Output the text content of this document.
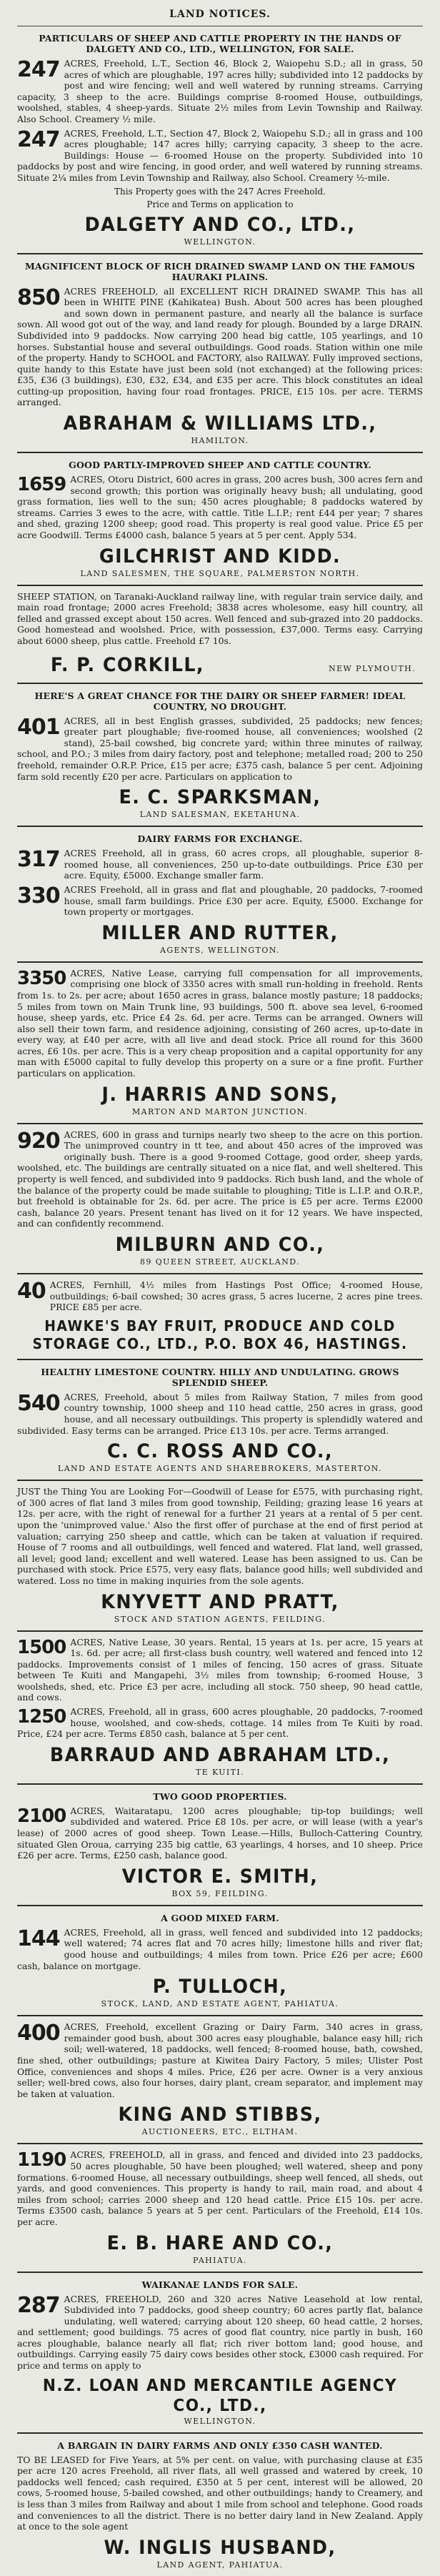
LAND NOTICES.
PARTICULARS OF SHEEP AND CATTLE PROPERTY IN THE HANDS OF DALGETY AND CO., LTD., WELLINGTON, FOR SALE.

247 ACRES, Freehold, L.T., Section 46, Block 2, Waiopehu S.D.; all in grass, 50 acres of which are ploughable, 197 acres hilly; subdivided into 12 paddocks by post and wire fencing; well and well watered by running streams. Carrying capacity, 3 sheep to the acre. Buildings comprise 8-roomed House, outbuildings, woolshed, stables, 4 sheep-yards. Situate 2½ miles from Levin Township and Railway. Also School. Creamery ½ mile.

247 ACRES, Freehold, L.T., Section 47, Block 2, Waiopehu S.D.; all in grass and 100 acres ploughable; 147 acres hilly; carrying capacity, 3 sheep to the acre. Buildings: House — 6-roomed House on the property. Subdivided into 10 paddocks by post and wire fencing, in good order, and well watered by running streams. Situate 2¼ miles from Levin Township and Railway, also School. Creamery ½-mile.

This Property goes with the 247 Acres Freehold.
Price and Terms on application to
DALGETY AND CO., LTD.,
WELLINGTON.
MAGNIFICENT BLOCK OF RICH DRAINED SWAMP LAND ON THE FAMOUS HAURAKI PLAINS.

850 ACRES FREEHOLD, all EXCELLENT RICH DRAINED SWAMP. This has all been in WHITE PINE (Kahikatea) Bush. About 500 acres has been ploughed and sown down in permanent pasture, and nearly all the balance is surface sown. All wood got out of the way, and land ready for plough. Bounded by a large DRAIN. Subdivided into 9 paddocks. Now carrying 200 head big cattle, 105 yearlings, and 10 horses. Substantial house and several outbuildings. Good roads. Station within one mile of the property. Handy to SCHOOL and FACTORY, also RAILWAY. Fully improved sections, quite handy to this Estate have just been sold (not exchanged) at the following prices: £35, £36 (3 buildings), £30, £32, £34, and £35 per acre. This block constitutes an ideal cutting-up proposition, having four road frontages. PRICE, £15 10s. per acre. TERMS arranged.

ABRAHAM & WILLIAMS LTD.,
HAMILTON.
GOOD PARTLY-IMPROVED SHEEP AND CATTLE COUNTRY.

1659 ACRES, Otoru District, 600 acres in grass, 200 acres bush, 300 acres fern and second growth; this portion was originally heavy bush; all undulating, good grass formation, lies well to the sun; 450 acres ploughable; 8 paddocks watered by streams. Carries 3 ewes to the acre, with cattle. Title L.I.P.; rent £44 per year; 7 shares and shed, grazing 1200 sheep; good road. This property is real good value. Price £5 per acre Goodwill. Terms £4000 cash, balance 5 years at 5 per cent. Apply 534.

GILCHRIST AND KIDD.
LAND SALESMEN, THE SQUARE, PALMERSTON NORTH.

SHEEP STATION, on Taranaki-Auckland railway line, with regular train service daily, and main road frontage; 2000 acres Freehold; 3838 acres wholesome, easy hill country, all felled and grassed except about 150 acres. Well fenced and sub-grazed into 20 paddocks. Good homestead and woolshed. Price, with possession, £37,000. Terms easy. Carrying about 6000 sheep, plus cattle. Freehold £7 10s.

F. P. CORKILL,	NEW PLYMOUTH.
HERE'S A GREAT CHANCE FOR THE DAIRY OR SHEEP FARMER! IDEAL COUNTRY, NO DROUGHT.

401 ACRES, all in best English grasses, subdivided, 25 paddocks; new fences; greater part ploughable; five-roomed house, all conveniences; woolshed (2 stand), 25-bail cowshed, big concrete yard; within three minutes of railway, school, and P.O.; 3 miles from dairy factory, post and telephone; metalled road; 200 to 250 freehold, remainder O.R.P. Price, £15 per acre; £375 cash, balance 5 per cent. Adjoining farm sold recently £20 per acre. Particulars on application to

E. C. SPARKSMAN,
LAND SALESMAN, EKETAHUNA.
DAIRY FARMS FOR EXCHANGE.

317 ACRES Freehold, all in grass, 60 acres crops, all ploughable, superior 8-roomed house, all conveniences, 250 up-to-date outbuildings. Price £30 per acre. Equity, £5000. Exchange smaller farm.

330 ACRES Freehold, all in grass and flat and ploughable, 20 paddocks, 7-roomed house, small farm buildings. Price £30 per acre. Equity, £5000. Exchange for town property or mortgages.

MILLER AND RUTTER,
AGENTS, WELLINGTON.

3350 ACRES, Native Lease, carrying full compensation for all improvements, comprising one block of 3350 acres with small run-holding in freehold. Rents from 1s. to 2s. per acre; about 1650 acres in grass, balance mostly pasture; 18 paddocks; 5 miles from town on Main Trunk line, 93 buildings, 500 ft. above sea level, 6-roomed house, sheep yards, etc. Price £4 2s. 6d. per acre. Terms can be arranged. Owners will also sell their town farm, and residence adjoining, consisting of 260 acres, up-to-date in every way, at £40 per acre, with all live and dead stock. Price all round for this 3600 acres, £6 10s. per acre. This is a very cheap proposition and a capital opportunity for any man with £5000 capital to fully develop this property on a sure or a fine profit. Further particulars on application.

J. HARRIS AND SONS,
MARTON AND MARTON JUNCTION.

920 ACRES, 600 in grass and turnips nearly two sheep to the acre on this portion. The unimproved country in tt tee, and about 450 acres of the improved was originally bush. There is a good 9-roomed Cottage, good order, sheep yards, woolshed, etc. The buildings are centrally situated on a nice flat, and well sheltered. This property is well fenced, and subdivided into 9 paddocks. Rich bush land, and the whole of the balance of the property could be made suitable to ploughing; Title is L.I.P. and O.R.P., but freehold is obtainable for 2s. 6d. per acre. The price is £5 per acre. Terms £2000 cash, balance 20 years. Present tenant has lived on it for 12 years. We have inspected, and can confidently recommend.

MILBURN AND CO.,
89 QUEEN STREET, AUCKLAND.

40 ACRES, Fernhill, 4½ miles from Hastings Post Office; 4-roomed House, outbuildings; 6-bail cowshed; 30 acres grass, 5 acres lucerne, 2 acres pine trees. PRICE £85 per acre.

HAWKE'S BAY FRUIT, PRODUCE AND COLD STORAGE CO., LTD., P.O. BOX 46, HASTINGS.
HEALTHY LIMESTONE COUNTRY. HILLY AND UNDULATING. GROWS SPLENDID SHEEP.

540 ACRES, Freehold, about 5 miles from Railway Station, 7 miles from good country township, 1000 sheep and 110 head cattle, 250 acres in grass, good house, and all necessary outbuildings. This property is splendidly watered and subdivided. Easy terms can be arranged. Price £13 10s. per acre. Terms arranged.

C. C. ROSS AND CO.,
LAND AND ESTATE AGENTS AND SHAREBROKERS, MASTERTON.

JUST the Thing You are Looking For—Goodwill of Lease for £575, with purchasing right, of 300 acres of flat land 3 miles from good township, Feilding; grazing lease 16 years at 12s. per acre, with the right of renewal for a further 21 years at a rental of 5 per cent. upon the 'unimproved value.' Also the first offer of purchase at the end of first period at valuation; carrying 250 sheep and cattle, which can be taken at valuation if required. House of 7 rooms and all outbuildings, well fenced and watered. Flat land, well grassed, all level; good land; excellent and well watered. Lease has been assigned to us. Can be purchased with stock. Price £575, very easy flats, balance good hills; well subdivided and watered. Loss no time in making inquiries from the sole agents.

KNYVETT AND PRATT,
STOCK AND STATION AGENTS, FEILDING.

1500 ACRES, Native Lease, 30 years. Rental, 15 years at 1s. per acre, 15 years at 1s. 6d. per acre; all first-class bush country, well watered and fenced into 12 paddocks. Improvements consist of 1 miles of fencing, 150 acres of grass. Situate between Te Kuiti and Mangapehi, 3½ miles from township; 6-roomed House, 3 woolsheds, shed, etc. Price £3 per acre, including all stock. 750 sheep, 90 head cattle, and cows.

1250 ACRES, Freehold, all in grass, 600 acres ploughable, 20 paddocks, 7-roomed house, woolshed, and cow-sheds, cottage. 14 miles from Te Kuiti by road. Price, £24 per acre. Terms £850 cash, balance at 5 per cent.

BARRAUD AND ABRAHAM LTD.,
TE KUITI.
TWO GOOD PROPERTIES.

2100 ACRES, Waitaratapu, 1200 acres ploughable; tip-top buildings; well subdivided and watered. Price £8 10s. per acre, or will lease (with a year's lease) of 2000 acres of good sheep. Town Lease.—Hills, Bulloch-Cattering Country, situated Glen Oroua, carrying 235 big cattle, 63 yearlings, 4 horses, and 10 sheep. Price £26 per acre. Terms, £250 cash, balance good.

VICTOR E. SMITH,
BOX 59, FEILDING.
A GOOD MIXED FARM.

144 ACRES, Freehold, all in grass, well fenced and subdivided into 12 paddocks; well watered; 74 acres flat and 70 acres hilly; limestone hills and river flat; good house and outbuildings; 4 miles from town. Price £26 per acre; £600 cash, balance on mortgage.

P. TULLOCH,
STOCK, LAND, AND ESTATE AGENT, PAHIATUA.

400 ACRES, Freehold, excellent Grazing or Dairy Farm, 340 acres in grass, remainder good bush, about 300 acres easy ploughable, balance easy hill; rich soil; well-watered, 18 paddocks, well fenced; 8-roomed house, bath, cowshed, fine shed, other outbuildings; pasture at Kiwitea Dairy Factory, 5 miles; Ulister Post Office, conveniences and shops 4 miles. Price, £26 per acre. Owner is a very anxious seller; well-bred cows, also four horses, dairy plant, cream separator, and implement may be taken at valuation.

KING AND STIBBS,
AUCTIONEERS, ETC., ELTHAM.

1190 ACRES, FREEHOLD, all in grass, and fenced and divided into 23 paddocks, 50 acres ploughable, 50 have been ploughed; well watered, sheep and pony formations. 6-roomed House, all necessary outbuildings, sheep well fenced, all sheds, out yards, and good conveniences. This property is handy to rail, main road, and about 4 miles from school; carries 2000 sheep and 120 head cattle. Price £15 10s. per acre. Terms £3500 cash, balance 5 years at 5 per cent. Particulars of the Freehold, £14 10s. per acre.

E. B. HARE AND CO.,
PAHIATUA.
WAIKANAE LANDS FOR SALE.

287 ACRES, FREEHOLD, 260 and 320 acres Native Leasehold at low rental, Subdivided into 7 paddocks, good sheep country; 60 acres partly flat, balance undulating, well watered; carrying about 120 sheep, 60 head cattle, 2 horses, and settlement; good buildings. 75 acres of good flat country, nice partly in bush, 160 acres ploughable, balance nearly all flat; rich river bottom land; good house, and outbuildings. Carrying easily 75 dairy cows besides other stock, £3000 cash required. For price and terms on apply to

N.Z. LOAN AND MERCANTILE AGENCY CO., LTD.,
WELLINGTON.
A BARGAIN IN DAIRY FARMS AND ONLY £350 CASH WANTED.

TO BE LEASED for Five Years, at 5% per cent. on value, with purchasing clause at £35 per acre 120 acres Freehold, all river flats, all well grassed and watered by creek, 10 paddocks well fenced; cash required, £350 at 5 per cent, interest will be allowed, 20 cows, 5-roomed house, 5-bailed cowshed, and other outbuildings; handy to Creamery, and is less than 3 miles from Railway and about 1 mile from school and telephone. Good roads and conveniences to all the district. There is no better dairy land in New Zealand. Apply at once to the sole agent

W. INGLIS HUSBAND,
LAND AGENT, PAHIATUA.
